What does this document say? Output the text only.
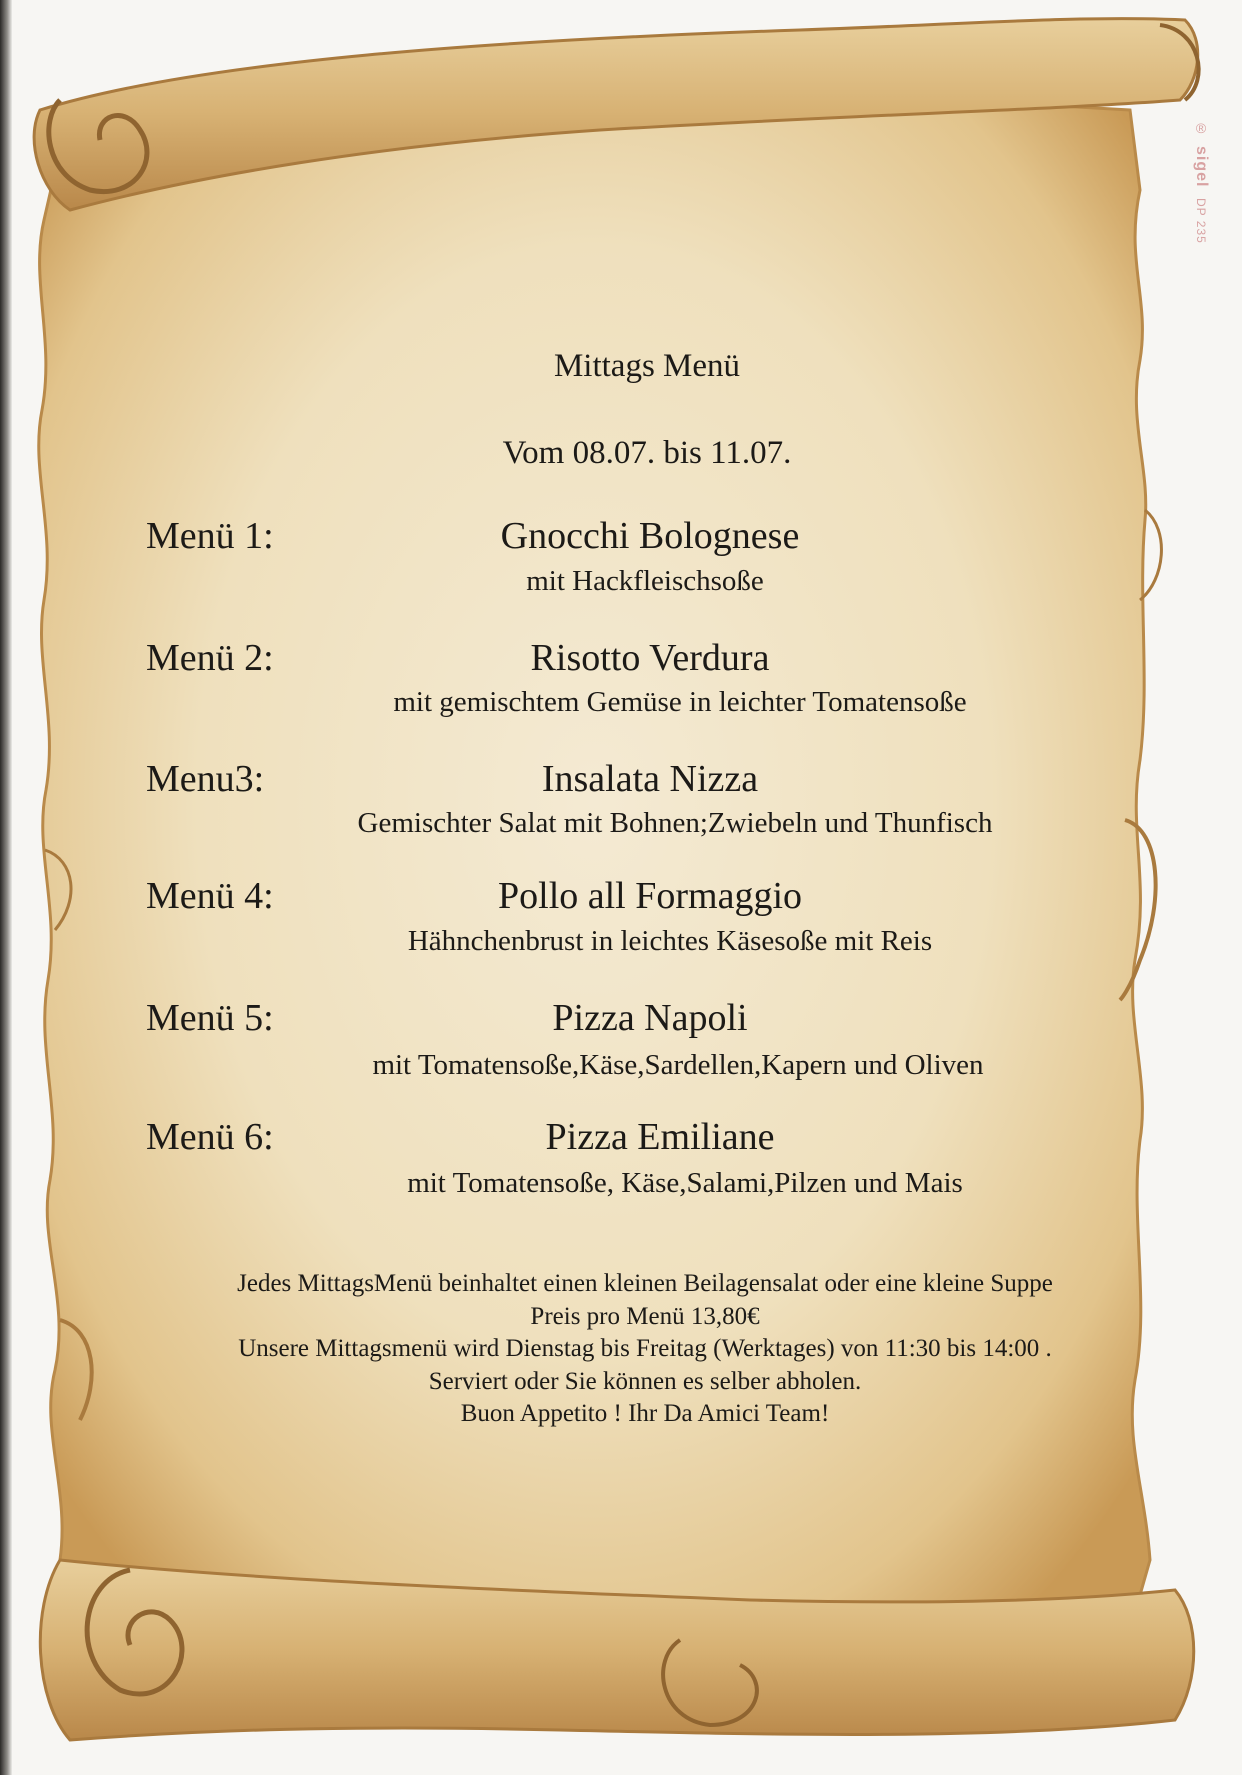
® sigel DP 235
Mittags Menü
Vom 08.07. bis 11.07.
Menü 1:	Gnocchi Bolognese
mit Hackfleischsoße
Menü 2:	Risotto Verdura
mit gemischtem Gemüse in leichter Tomatensoße
Menu3:	Insalata Nizza
Gemischter Salat mit Bohnen;Zwiebeln und Thunfisch
Menü 4:	Pollo all Formaggio
Hähnchenbrust in leichtes Käsesoße mit Reis
Menü 5:	Pizza Napoli
mit Tomatensoße,Käse,Sardellen,Kapern und Oliven
Menü 6:	Pizza Emiliane
mit Tomatensoße, Käse,Salami,Pilzen und Mais
Jedes MittagsMenü beinhaltet einen kleinen Beilagensalat oder eine kleine Suppe
Preis pro Menü 13,80€
Unsere Mittagsmenü wird Dienstag bis Freitag (Werktages) von 11:30 bis 14:00 .
Serviert oder Sie können es selber abholen.
Buon Appetito ! Ihr Da Amici Team!
